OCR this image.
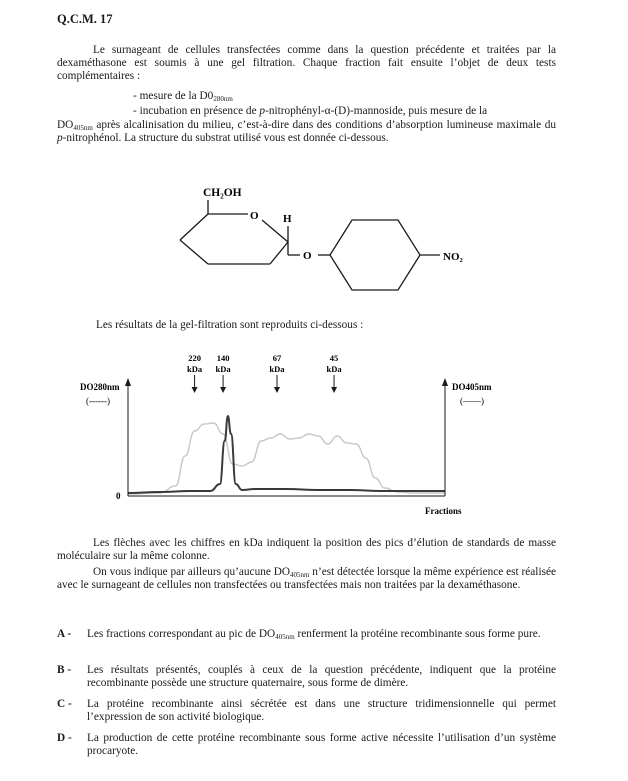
Q.C.M. 17
Le surnageant de cellules transfectées comme dans la question précédente et traitées par la dexaméthasone est soumis à une gel filtration. Chaque fraction fait ensuite l’objet de deux tests complémentaires :
- mesure de la $D0_{280nm}$
- incubation en présence de p-nitrophényl-α-(D)-mannoside, puis mesure de la
$DO_{405nm}$ après alcalinisation du milieu, c’est-à-dire dans des conditions d’absorption lumineuse maximale du p-nitrophénol. La structure du substrat utilisé vous est donnée ci-dessous.
CH₂OH
O H
O	NO₂
Les résultats de la gel-filtration sont reproduits ci-dessous :
220
kDa
140
kDa
67
kDa
45
kDa
DO280nm
(------)
DO405nm
(——)
0
Fractions
Les flèches avec les chiffres en kDa indiquent la position des pics d’élution de standards de masse moléculaire sur la même colonne.
On vous indique par ailleurs qu’aucune $DO_{405nm}$ n’est détectée lorsque la même expérience est réalisée avec le surnageant de cellules non transfectées ou transfectées mais non traitées par la dexaméthasone.
A -	Les fractions correspondant au pic de $DO_{405nm}$ renferment la protéine recombinante sous forme pure.
B -	Les résultats présentés, couplés à ceux de la question précédente, indiquent que la protéine recombinante possède une structure quaternaire, sous forme de dimère.
C -	La protéine recombinante ainsi sécrétée est dans une structure tridimensionnelle qui permet l’expression de son activité biologique.
D -	La production de cette protéine recombinante sous forme active nécessite l’utilisation d’un système procaryote.
